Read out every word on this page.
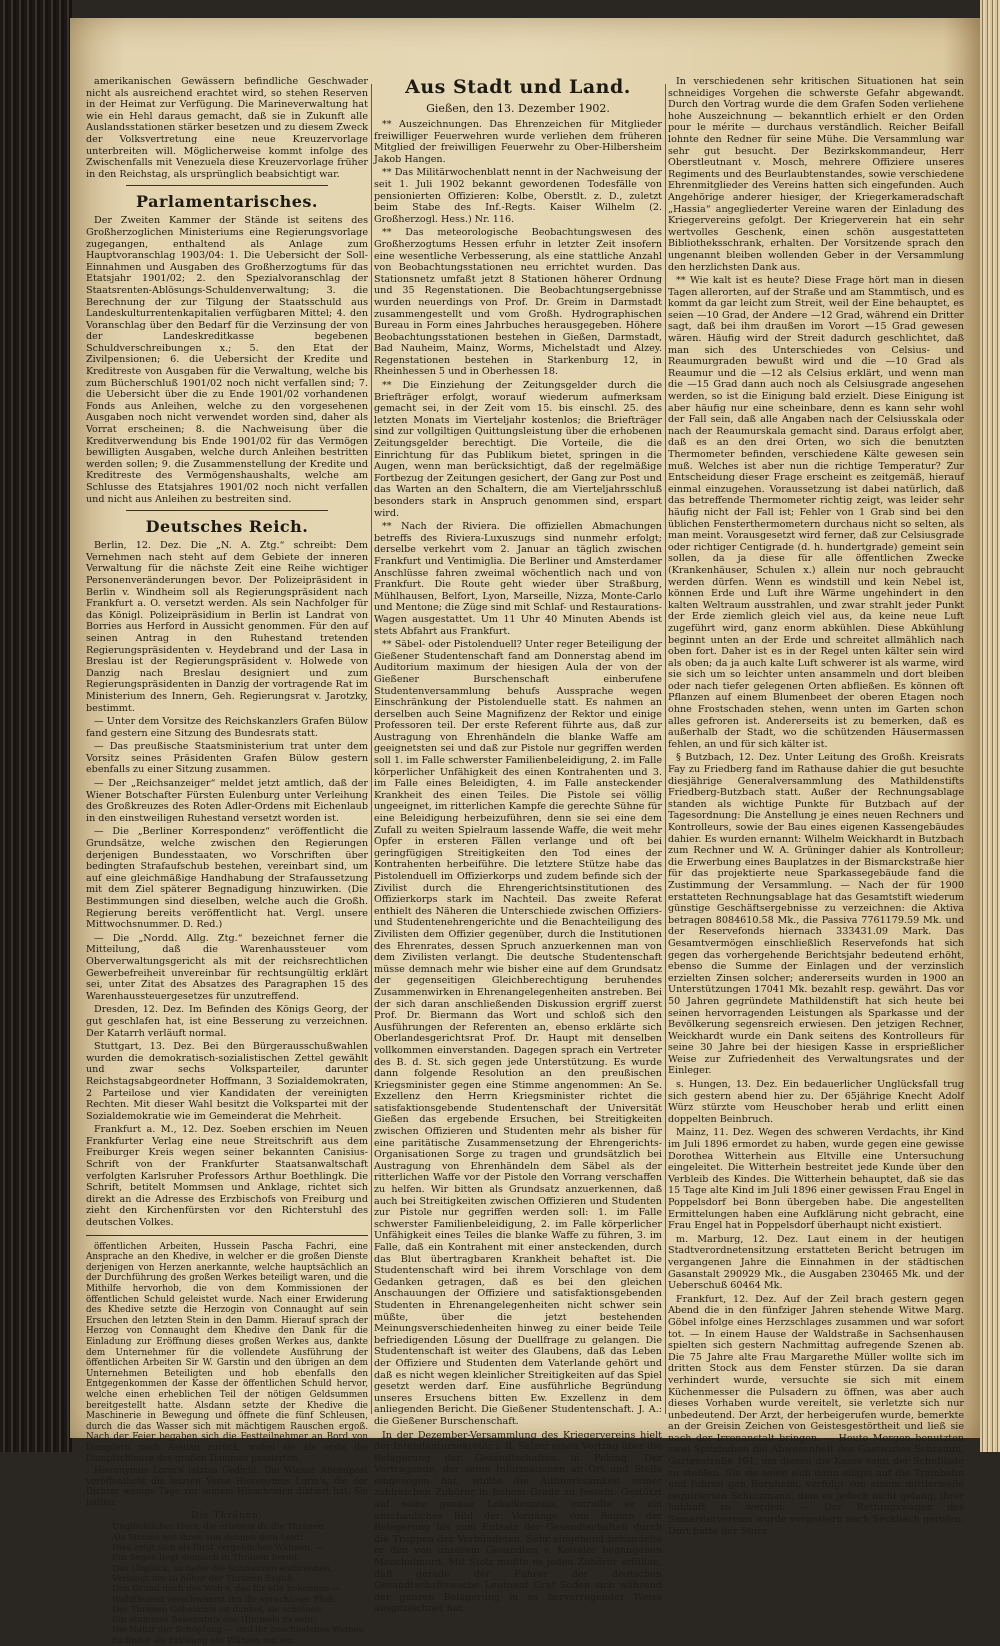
amerikanischen Gewässern befindliche Geschwader nicht als ausreichend erachtet wird, so stehen Reserven in der Heimat zur Verfügung. Die Marineverwaltung hat wie ein Hehl daraus gemacht, daß sie in Zukunft alle Auslandsstationen stärker besetzen und zu diesem Zweck der Volksvertretung eine neue Kreuzervorlage unterbreiten will. Möglicherweise kommt infolge des Zwischenfalls mit Venezuela diese Kreuzervorlage früher in den Reichstag, als ursprünglich beabsichtigt war.

Parlamentarisches.

Der Zweiten Kammer der Stände ist seitens des Großherzoglichen Ministeriums eine Regierungsvorlage zugegangen, enthaltend als Anlage zum Hauptvoranschlag 1903/04: 1. Die Uebersicht der Soll-Einnahmen und Ausgaben des Großherzogtums für das Etatsjahr 1901/02; 2. den Spezialvoranschlag der Staatsrenten-Ablösungs-Schuldenverwaltung; 3. die Berechnung der zur Tilgung der Staatsschuld aus Landeskulturrentenkapitalien verfügbaren Mittel; 4. den Voranschlag über den Bedarf für die Verzinsung der von der Landeskreditkasse begebenen Schuldverschreibungen x.; 5. den Etat der Zivilpensionen; 6. die Uebersicht der Kredite und Kreditreste von Ausgaben für die Verwaltung, welche bis zum Bücherschluß 1901/02 noch nicht verfallen sind; 7. die Uebersicht über die zu Ende 1901/02 vorhandenen Fonds aus Anleihen, welche zu den vorgesehenen Ausgaben noch nicht verwendet worden sind, daher als Vorrat erscheinen; 8. die Nachweisung über die Kreditverwendung bis Ende 1901/02 für das Vermögen bewilligten Ausgaben, welche durch Anleihen bestritten werden sollen; 9. die Zusammenstellung der Kredite und Kreditreste des Vermögenshaushalts, welche am Schlusse des Etatsjahres 1901/02 noch nicht verfallen und nicht aus Anleihen zu bestreiten sind.

Deutsches Reich.

Berlin, 12. Dez. Die „N. A. Ztg.“ schreibt: Dem Vernehmen nach steht auf dem Gebiete der inneren Verwaltung für die nächste Zeit eine Reihe wichtiger Personenveränderungen bevor. Der Polizeipräsident in Berlin v. Windheim soll als Regierungspräsident nach Frankfurt a. O. versetzt werden. Als sein Nachfolger für das Königl. Polizeipräsidium in Berlin ist Landrat von Borries aus Herford in Aussicht genommen. Für den auf seinen Antrag in den Ruhestand tretenden Regierungspräsidenten v. Heydebrand und der Lasa in Breslau ist der Regierungspräsident v. Holwede von Danzig nach Breslau designiert und zum Regierungspräsidenten in Danzig der vortragende Rat im Ministerium des Innern, Geh. Regierungsrat v. Jarotzky, bestimmt.

— Unter dem Vorsitze des Reichskanzlers Grafen Bülow fand gestern eine Sitzung des Bundesrats statt.

— Das preußische Staatsministerium trat unter dem Vorsitz seines Präsidenten Grafen Bülow gestern ebenfalls zu einer Sitzung zusammen.

— Der „Reichsanzeiger“ meldet jetzt amtlich, daß der Wiener Botschafter Fürsten Eulenburg unter Verleihung des Großkreuzes des Roten Adler-Ordens mit Eichenlaub in den einstweiligen Ruhestand versetzt worden ist.

— Die „Berliner Korrespondenz“ veröffentlicht die Grundsätze, welche zwischen den Regierungen derjenigen Bundesstaaten, wo Vorschriften über bedingten Strafaufschub bestehen, vereinbart sind, um auf eine gleichmäßige Handhabung der Strafaussetzung mit dem Ziel späterer Begnadigung hinzuwirken. (Die Bestimmungen sind dieselben, welche auch die Großh. Regierung bereits veröffentlicht hat. Vergl. unsere Mittwochsnummer. D. Red.)

— Die „Nordd. Allg. Ztg.“ bezeichnet ferner die Mitteilung, daß die Warenhaussteuer vom Oberverwaltungsgericht als mit der reichsrechtlichen Gewerbefreiheit unvereinbar für rechtsungültig erklärt sei, unter Zitat des Absatzes des Paragraphen 15 des Warenhaussteuergesetzes für unzutreffend.

Dresden, 12. Dez. Im Befinden des Königs Georg, der gut geschlafen hat, ist eine Besserung zu verzeichnen. Der Katarrh verläuft normal.

Stuttgart, 13. Dez. Bei den Bürgerausschußwahlen wurden die demokratisch-sozialistischen Zettel gewählt und zwar sechs Volksparteiler, darunter Reichstagsabgeordneter Hoffmann, 3 Sozialdemokraten, 2 Parteilose und vier Kandidaten der vereinigten Rechten. Mit dieser Wahl besitzt die Volkspartei mit der Sozialdemokratie wie im Gemeinderat die Mehrheit.

Frankfurt a. M., 12. Dez. Soeben erschien im Neuen Frankfurter Verlag eine neue Streitschrift aus dem Freiburger Kreis wegen seiner bekannten Canisius-Schrift von der Frankfurter Staatsanwaltschaft verfolgten Karlsruher Professors Arthur Boethlingk. Die Schrift, betitelt Mommsen und Anklage, richtet sich direkt an die Adresse des Erzbischofs von Freiburg und zieht den Kirchenfürsten vor den Richterstuhl des deutschen Volkes.

öffentlichen Arbeiten, Hussein Pascha Fachri, eine Ansprache an den Khedive, in welcher er die großen Dienste derjenigen von Herzen anerkannte, welche hauptsächlich an der Durchführung des großen Werkes beteiligt waren, und die Mithilfe hervorhob, die von dem Kommissionen der öffentlichen Schuld geleistet wurde. Nach einer Erwiderung des Khedive setzte die Herzogin von Connaught auf sein Ersuchen den letzten Stein in den Damm. Hierauf sprach der Herzog von Connaught dem Khedive den Dank für die Einladung zur Eröffnung dieses großen Werkes aus, dankte dem Unternehmer für die vollendete Ausführung der öffentlichen Arbeiten Sir W. Garstin und den übrigen an dem Unternehmen Beteiligten und hob ebenfalls den Entgegenkommen der Kasse der öffentlichen Schuld hervor, welche einen erheblichen Teil der nötigen Geldsummen bereitgestellt hatte. Alsdann setzte der Khedive die Maschinerie in Bewegung und öffnete die fünf Schleusen, durch die das Wasser sich mit mächtigem Rauschen ergoß. Nach der Feier begaben sich die Festteilnehmer an Bord von Dampfern nach Assuan zurück, wobei sie als erste die Dampfschleuse des großen Dammes passierten.

Hieronymus Lorm's letztes Gedicht. Die Wiener Abendpost veröffentlicht die letzten Verse Hieronymus Lorm's, die der Dichter wenige Tage vor seinem Hinscheiden diktiert hat. Sie lauten:

Die Thränen.
Unglückliches Herz, die erlebnis du die Thränen
Als Ströme mit ihren von dannen dein Leid!
Dies zeigt sich als fürst vergebliches Wähnen, —
Ein Segen liegt dennoch in Thränen bereit.
Das Unglück, so tiefer die Schmerzen entbrennen,
Verlangt um so höher der Thränen Erguß,
Den Grund doch des Weh's, das für alle bekennen —
Wahlthuend verschwimmt ihn ihr sprachloser Fluß.
Der Thränen Geheimnis ist dunkel, sie scheinen
Ein stummes Bekenntnis des Himmels zu sein:
Die Natur der Schöpfung — und ihr beschiedenes Weinen
Es findet als Erlösung ein Pfühlen mit ein.
Aus Stadt und Land.
Gießen, den 13. Dezember 1902.

** Auszeichnungen. Das Ehrenzeichen für Mitglieder freiwilliger Feuerwehren wurde verliehen dem früheren Mitglied der freiwilligen Feuerwehr zu Ober-Hilbersheim Jakob Hangen.

** Das Militärwochenblatt nennt in der Nachweisung der seit 1. Juli 1902 bekannt gewordenen Todesfälle von pensionierten Offizieren: Kolbe, Oberstlt. z. D., zuletzt beim Stabe des Inf.-Regts. Kaiser Wilhelm (2. Großherzogl. Hess.) Nr. 116.

** Das meteorologische Beobachtungswesen des Großherzogtums Hessen erfuhr in letzter Zeit insofern eine wesentliche Verbesserung, als eine stattliche Anzahl von Beobachtungsstationen neu errichtet wurden. Das Stationsnetz umfaßt jetzt 8 Stationen höherer Ordnung und 35 Regenstationen. Die Beobachtungsergebnisse wurden neuerdings von Prof. Dr. Greim in Darmstadt zusammengestellt und vom Großh. Hydrographischen Bureau in Form eines Jahrbuches herausgegeben. Höhere Beobachtungsstationen bestehen in Gießen, Darmstadt, Bad Nauheim, Mainz, Worms, Michelstadt und Alzey. Regenstationen bestehen in Starkenburg 12, in Rheinhessen 5 und in Oberhessen 18.

** Die Einziehung der Zeitungsgelder durch die Briefträger erfolgt, worauf wiederum aufmerksam gemacht sei, in der Zeit vom 15. bis einschl. 25. des letzten Monats im Vierteljahr kostenlos; die Briefträger sind zur vollgiltigen Quittungsleistung über die erhobenen Zeitungsgelder berechtigt. Die Vorteile, die die Einrichtung für das Publikum bietet, springen in die Augen, wenn man berücksichtigt, daß der regelmäßige Fortbezug der Zeitungen gesichert, der Gang zur Post und das Warten an den Schaltern, die am Vierteljahrsschluß besonders stark in Anspruch genommen sind, erspart wird.

** Nach der Riviera. Die offiziellen Abmachungen betreffs des Riviera-Luxuszugs sind nunmehr erfolgt; derselbe verkehrt vom 2. Januar an täglich zwischen Frankfurt und Ventimiglia. Die Berliner und Amsterdamer Anschlüsse fahren zweimal wöchentlich nach und von Frankfurt. Die Route geht wieder über Straßburg, Mühlhausen, Belfort, Lyon, Marseille, Nizza, Monte-Carlo und Mentone; die Züge sind mit Schlaf- und Restaurations-Wagen ausgestattet. Um 11 Uhr 40 Minuten Abends ist stets Abfahrt aus Frankfurt.

** Säbel- oder Pistolenduell? Unter reger Beteiligung der Gießener Studentenschaft fand am Donnerstag abend im Auditorium maximum der hiesigen Aula der von der Gießener Burschenschaft einberufene Studentenversammlung behufs Aussprache wegen Einschränkung der Pistolenduelle statt. Es nahmen an derselben auch Seine Magnifizenz der Rektor und einige Professoren teil. Der erste Referent führte aus, daß zur Austragung von Ehrenhändeln die blanke Waffe am geeignetsten sei und daß zur Pistole nur gegriffen werden soll 1. im Falle schwerster Familienbeleidigung, 2. im Falle körperlicher Unfähigkeit des einen Kontrahenten und 3. im Falle eines Beleidigten, 4. im Falle ansteckender Krankheit des einen Teiles. Die Pistole sei völlig ungeeignet, im ritterlichen Kampfe die gerechte Sühne für eine Beleidigung herbeizuführen, denn sie sei eine dem Zufall zu weiten Spielraum lassende Waffe, die weit mehr Opfer in ersteren Fällen verlange und oft bei geringfügigen Streitigkeiten den Tod eines der Kontrahenten herbeiführe. Die letztere Stütze habe das Pistolenduell im Offizierkorps und zudem befinde sich der Zivilist durch die Ehrengerichtsinstitutionen des Offizierkorps stark im Nachteil. Das zweite Referat enthielt des Näheren die Unterschiede zwischen Offiziers- und Studentenehrengerichte und die Benachteiligung des Zivilisten dem Offizier gegenüber, durch die Institutionen des Ehrenrates, dessen Spruch anzuerkennen man von dem Zivilisten verlangt. Die deutsche Studentenschaft müsse demnach mehr wie bisher eine auf dem Grundsatz der gegenseitigen Gleichberechtigung beruhendes Zusammenwirken in Ehrenangelegenheiten anstreben. Bei der sich daran anschließenden Diskussion ergriff zuerst Prof. Dr. Biermann das Wort und schloß sich den Ausführungen der Referenten an, ebenso erklärte sich Oberlandesgerichtsrat Prof. Dr. Haupt mit denselben vollkommen einverstanden. Dagegen sprach ein Vertreter des B. d. St. sich gegen jede Unterstützung. Es wurde dann folgende Resolution an den preußischen Kriegsminister gegen eine Stimme angenommen: An Se. Exzellenz den Herrn Kriegsminister richtet die satisfaktionsgebende Studentenschaft der Universität Gießen das ergebende Ersuchen, bei Streitigkeiten zwischen Offizieren und Studenten mehr als bisher für eine paritätische Zusammensetzung der Ehrengerichts-Organisationen Sorge zu tragen und grundsätzlich bei Austragung von Ehrenhändeln dem Säbel als der ritterlichen Waffe vor der Pistole den Vorrang verschaffen zu helfen. Wir bitten als Grundsatz anzuerkennen, daß auch bei Streitigkeiten zwischen Offizieren und Studenten zur Pistole nur gegriffen werden soll: 1. im Falle schwerster Familienbeleidigung, 2. im Falle körperlicher Unfähigkeit eines Teiles die blanke Waffe zu führen, 3. im Falle, daß ein Kontrahent mit einer ansteckenden, durch das Blut übertragbaren Krankheit behaftet ist. Die Studentenschaft wird bei ihrem Vorschlage von dem Gedanken getragen, daß es bei den gleichen Anschauungen der Offiziere und satisfaktionsgebenden Studenten in Ehrenangelegenheiten nicht schwer sein müßte, über die jetzt bestehenden Meinungsverschiedenheiten hinweg zu einer beide Teile befriedigenden Lösung der Duellfrage zu gelangen. Die Studentenschaft ist weiter des Glaubens, daß das Leben der Offiziere und Studenten dem Vaterlande gehört und daß es nicht wegen kleinlicher Streitigkeiten auf das Spiel gesetzt werden darf. Eine ausführliche Begründung unseres Ersuchens bitten Ew. Exzellenz in dem anliegenden Bericht. Die Gießener Studentenschaft. J. A.: die Gießener Burschenschaft.

In der Dezember-Versammlung des Kriegervereins hielt der Intendantursekretär i. R. Selzer einen Vortrag über die Belagerung der Gesandtschaften in Peking. Der Vortragende, der seine Informationen an Ort und Stelle eingezogen hat, wußte die Aufmerksamkeit seiner zahlreichen Zuhörer in hohem Grade zu fesseln. Gestützt auf seine genaue Lokalkenntnis, entrollte er ein anschauliches Bild der Vorgänge vom Beginn der Belagerung bis zum Entsatz der Gesandtschaften durch die Truppen der Verbündeten. Sehr eingehend behandelte er den von unserem Gesandten v. Ketteler begangenen Meuchelmord. Mit Stolz mußte es jeden Zuhörer erfüllen, daß gerade der Führer der deutschen Gesandtschaftswache Leutnant Graf Soden sich während der ganzen Belagerung in so hervorragender Weise ausgezeichnet hat.

In verschiedenen sehr kritischen Situationen hat sein schneidiges Vorgehen die schwerste Gefahr abgewandt. Durch den Vortrag wurde die dem Grafen Soden verliehene hohe Auszeichnung — bekanntlich erhielt er den Orden pour le mérite — durchaus verständlich. Reicher Beifall lohnte den Redner für seine Mühe. Die Versammlung war sehr gut besucht. Der Bezirkskommandeur, Herr Oberstleutnant v. Mosch, mehrere Offiziere unseres Regiments und des Beurlaubtenstandes, sowie verschiedene Ehrenmitglieder des Vereins hatten sich eingefunden. Auch Angehörige anderer hiesiger, der Kriegerkameradschaft „Hassia“ angegliederter Vereine waren der Einladung des Kriegervereins gefolgt. Der Kriegerverein hat ein sehr wertvolles Geschenk, einen schön ausgestatteten Bibliotheksschrank, erhalten. Der Vorsitzende sprach den ungenannt bleiben wollenden Geber in der Versammlung den herzlichsten Dank aus.

** Wie kalt ist es heute? Diese Frage hört man in diesen Tagen allerorten, auf der Straße und am Stammtisch, und es kommt da gar leicht zum Streit, weil der Eine behauptet, es seien —10 Grad, der Andere —12 Grad, während ein Dritter sagt, daß bei ihm draußen im Vorort —15 Grad gewesen wären. Häufig wird der Streit dadurch geschlichtet, daß man sich des Unterschiedes von Celsius- und Reaumurgraden bewußt wird und die —10 Grad als Reaumur und die —12 als Celsius erklärt, und wenn man die —15 Grad dann auch noch als Celsiusgrade angesehen werden, so ist die Einigung bald erzielt. Diese Einigung ist aber häufig nur eine scheinbare, denn es kann sehr wohl der Fall sein, daß alle Angaben nach der Celsiusskala oder nach der Reaumurskala gemacht sind. Daraus erfolgt aber, daß es an den drei Orten, wo sich die benutzten Thermometer befinden, verschiedene Kälte gewesen sein muß. Welches ist aber nun die richtige Temperatur? Zur Entscheidung dieser Frage erscheint es zeitgemäß, hierauf einmal einzugehen. Voraussetzung ist dabei natürlich, daß das betreffende Thermometer richtig zeigt, was leider sehr häufig nicht der Fall ist; Fehler von 1 Grab sind bei den üblichen Fensterthermometern durchaus nicht so selten, als man meint. Vorausgesetzt wird ferner, daß zur Celsiusgrade oder richtiger Centigrade (d. h. hundertgrade) gemeint sein sollen, da ja diese für alle öffentlichen Zwecke (Krankenhäuser, Schulen x.) allein nur noch gebraucht werden dürfen. Wenn es windstill und kein Nebel ist, können Erde und Luft ihre Wärme ungehindert in den kalten Weltraum ausstrahlen, und zwar strahlt jeder Punkt der Erde ziemlich gleich viel aus, da keine neue Luft zugeführt wird, ganz enorm abkühlen. Diese Abkühlung beginnt unten an der Erde und schreitet allmählich nach oben fort. Daher ist es in der Regel unten kälter sein wird als oben; da ja auch kalte Luft schwerer ist als warme, wird sie sich um so leichter unten ansammeln und dort bleiben oder nach tiefer gelegenen Orten abfließen. Es können oft Pflanzen auf einem Blumenbeet der oberen Etagen noch ohne Frostschaden stehen, wenn unten im Garten schon alles gefroren ist. Andererseits ist zu bemerken, daß es außerhalb der Stadt, wo die schützenden Häusermassen fehlen, an und für sich kälter ist.

§ Butzbach, 12. Dez. Unter Leitung des Großh. Kreisrats Fay zu Friedberg fand im Rathause dahier die gut besuchte diesjährige Generalversammlung des Mathildenstifts Friedberg-Butzbach statt. Außer der Rechnungsablage standen als wichtige Punkte für Butzbach auf der Tagesordnung: Die Anstellung je eines neuen Rechners und Kontrolleurs, sowie der Bau eines eigenen Kassengebäudes dahier. Es wurden ernannt: Wilhelm Weickhardt in Butzbach zum Rechner und W. A. Grüninger dahier als Kontrolleur; die Erwerbung eines Bauplatzes in der Bismarckstraße hier für das projektierte neue Sparkassegebäude fand die Zustimmung der Versammlung. — Nach der für 1900 erstatteten Rechnungsablage hat das Gesamtstift wiederum günstige Geschäftsergebnisse zu verzeichnen: die Aktiva betragen 8084610.58 Mk., die Passiva 7761179.59 Mk. und der Reservefonds hiernach 333431.09 Mark. Das Gesamtvermögen einschließlich Reservefonds hat sich gegen das vorhergehende Berichtsjahr bedeutend erhöht, ebenso die Summe der Einlagen und der verzinslich erzielten Zinsen solcher; andererseits wurden in 1900 an Unterstützungen 17041 Mk. bezahlt resp. gewährt. Das vor 50 Jahren gegründete Mathildenstift hat sich heute bei seinen hervorragenden Leistungen als Sparkasse und der Bevölkerung segensreich erwiesen. Den jetzigen Rechner, Weickhardt wurde ein Dank seitens des Kontrolleurs für seine 30 Jahre bei der hiesigen Kasse in ersprießlicher Weise zur Zufriedenheit des Verwaltungsrates und der Einleger.

s. Hungen, 13. Dez. Ein bedauerlicher Unglücksfall trug sich gestern abend hier zu. Der 65jährige Knecht Adolf Würz stürzte vom Heuschober herab und erlitt einen doppelten Beinbruch.

Mainz, 11. Dez. Wegen des schweren Verdachts, ihr Kind im Juli 1896 ermordet zu haben, wurde gegen eine gewisse Dorothea Witterhein aus Eltville eine Untersuchung eingeleitet. Die Witterhein bestreitet jede Kunde über den Verbleib des Kindes. Die Witterhein behauptet, daß sie das 15 Tage alte Kind im Juli 1896 einer gewissen Frau Engel in Poppelsdorf bei Bonn übergeben habe. Die angestellten Ermittelungen haben eine Aufklärung nicht gebracht, eine Frau Engel hat in Poppelsdorf überhaupt nicht existiert.

m. Marburg, 12. Dez. Laut einem in der heutigen Stadtverordnetensitzung erstatteten Bericht betrugen im vergangenen Jahre die Einnahmen in der städtischen Gasanstalt 290929 Mk., die Ausgaben 230465 Mk. und der Ueberschuß 60464 Mk.

Frankfurt, 12. Dez. Auf der Zeil brach gestern gegen Abend die in den fünfziger Jahren stehende Witwe Marg. Göbel infolge eines Herzschlages zusammen und war sofort tot. — In einem Hause der Waldstraße in Sachsenhausen spielten sich gestern Nachmittag aufregende Szenen ab. Die 75 Jahre alte Frau Margarethe Müller wollte sich im dritten Stock aus dem Fenster stürzen. Da sie daran verhindert wurde, versuchte sie sich mit einem Küchenmesser die Pulsadern zu öffnen, was aber auch dieses Vorhaben wurde vereitelt, sie verletzte sich nur unbedeutend. Der Arzt, der herbeigerufen wurde, bemerkte an der Greisin Zeichen von Geistesgestörtheit und ließ sie nach der Irrenanstalt bringen. — Heute Morgen benutzten zwei Spitzbuben die Abwesenheit des Gastwirtes Schramm, Gartenstraße 101, um diesen die Kasse samt der Schublade zu stehlen. Sie sie seien sich dann eiligst auf die Trambahn und fuhren gen Bornheim, verfolgt von einem mittlerweile requirierten Schutzmann, dem es jedoch nicht gelang, ihrer habhaft zu werden. — Der Rettungswagen des Samaritervereins wurde vorgestern nach Seckbach gerufen. Dort hatte der Sturz
